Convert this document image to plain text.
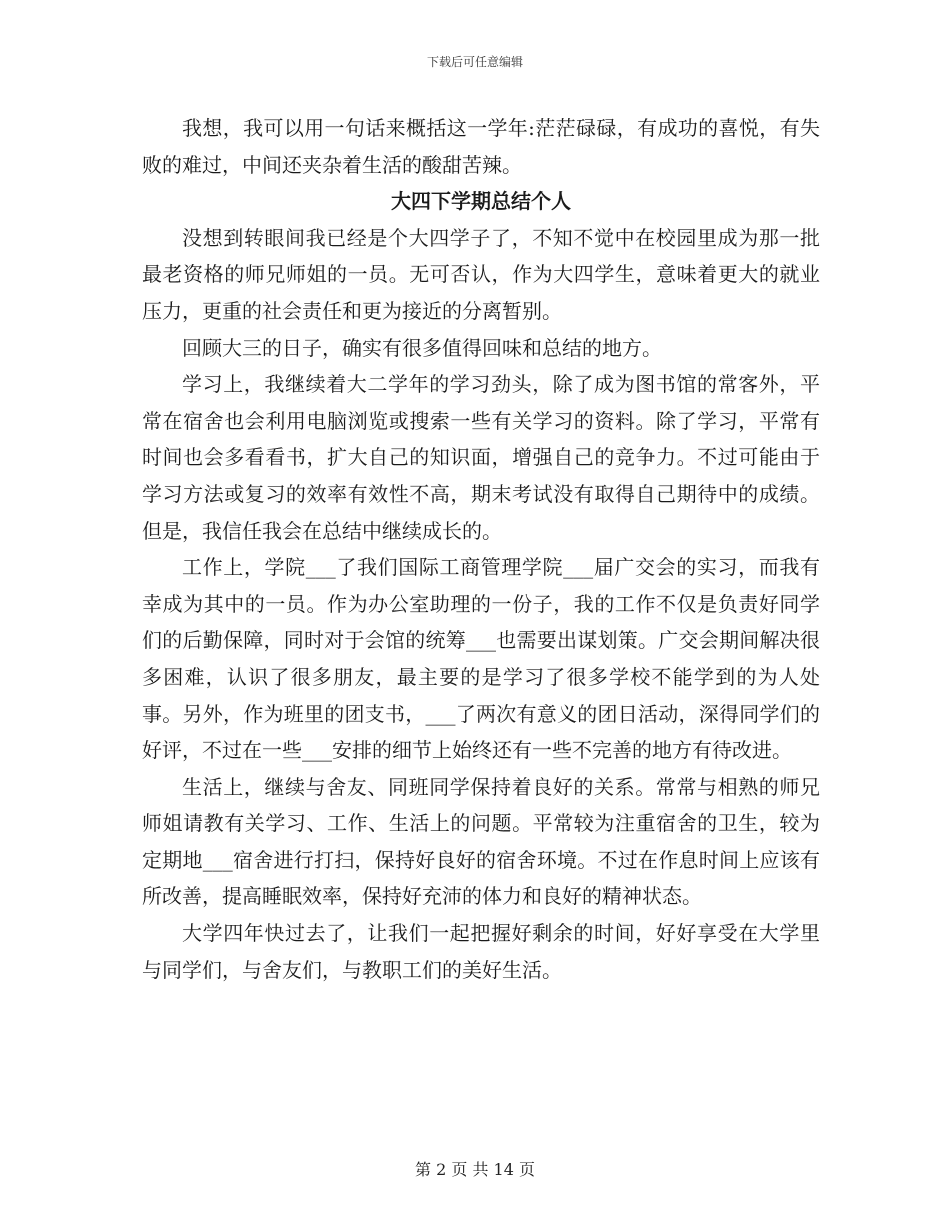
下载后可任意编辑

我想，我可以用一句话来概括这一学年:茫茫碌碌，有成功的喜悦，有失败的难过，中间还夹杂着生活的酸甜苦辣。

大四下学期总结个人

没想到转眼间我已经是个大四学子了，不知不觉中在校园里成为那一批最老资格的师兄师姐的一员。无可否认，作为大四学生，意味着更大的就业压力，更重的社会责任和更为接近的分离暂别。

回顾大三的日子，确实有很多值得回味和总结的地方。

学习上，我继续着大二学年的学习劲头，除了成为图书馆的常客外，平常在宿舍也会利用电脑浏览或搜索一些有关学习的资料。除了学习，平常有时间也会多看看书，扩大自己的知识面，增强自己的竞争力。不过可能由于学习方法或复习的效率有效性不高，期末考试没有取得自己期待中的成绩。但是，我信任我会在总结中继续成长的。

工作上，学院___了我们国际工商管理学院___届广交会的实习，而我有幸成为其中的一员。作为办公室助理的一份子，我的工作不仅是负责好同学们的后勤保障，同时对于会馆的统筹___也需要出谋划策。广交会期间解决很多困难，认识了很多朋友，最主要的是学习了很多学校不能学到的为人处事。另外，作为班里的团支书，___了两次有意义的团日活动，深得同学们的好评，不过在一些___安排的细节上始终还有一些不完善的地方有待改进。

生活上，继续与舍友、同班同学保持着良好的关系。常常与相熟的师兄师姐请教有关学习、工作、生活上的问题。平常较为注重宿舍的卫生，较为定期地___宿舍进行打扫，保持好良好的宿舍环境。不过在作息时间上应该有所改善，提高睡眠效率，保持好充沛的体力和良好的精神状态。

大学四年快过去了，让我们一起把握好剩余的时间，好好享受在大学里与同学们，与舍友们，与教职工们的美好生活。

第 2 页 共 14 页
